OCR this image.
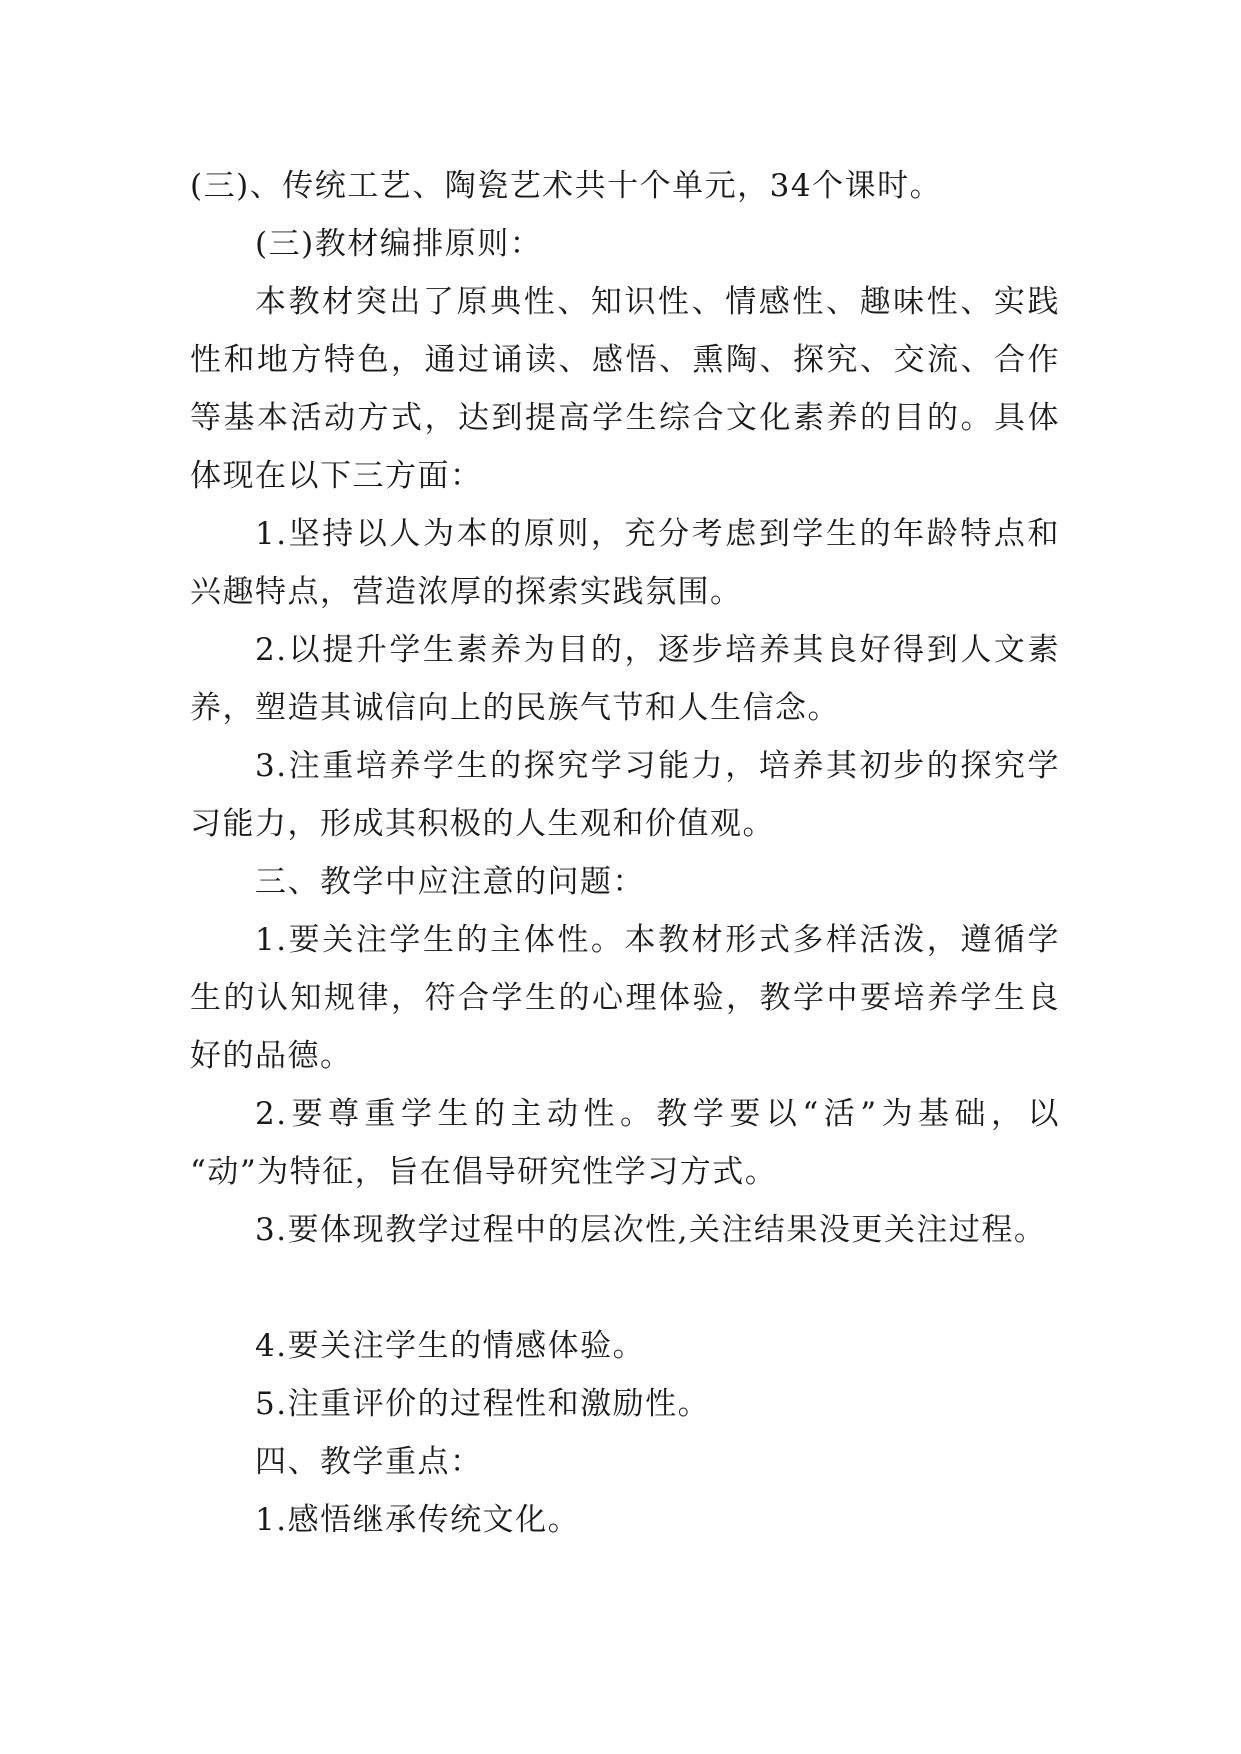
(三)、传统工艺、陶瓷艺术共十个单元，34个课时。
(三)教材编排原则：
本教材突出了原典性、知识性、情感性、趣味性、实践
性和地方特色，通过诵读、感悟、熏陶、探究、交流、合作
等基本活动方式，达到提高学生综合文化素养的目的。具体
体现在以下三方面：
1.坚持以人为本的原则，充分考虑到学生的年龄特点和
兴趣特点，营造浓厚的探索实践氛围。
2.以提升学生素养为目的，逐步培养其良好得到人文素
养，塑造其诚信向上的民族气节和人生信念。
3.注重培养学生的探究学习能力，培养其初步的探究学
习能力，形成其积极的人生观和价值观。
三、教学中应注意的问题：
1.要关注学生的主体性。本教材形式多样活泼，遵循学
生的认知规律，符合学生的心理体验，教学中要培养学生良
好的品德。
2.要尊重学生的主动性。教学要以“活”为基础，以
“动”为特征，旨在倡导研究性学习方式。
3.要体现教学过程中的层次性,关注结果没更关注过程。
4.要关注学生的情感体验。
5.注重评价的过程性和激励性。
四、教学重点：
1.感悟继承传统文化。
